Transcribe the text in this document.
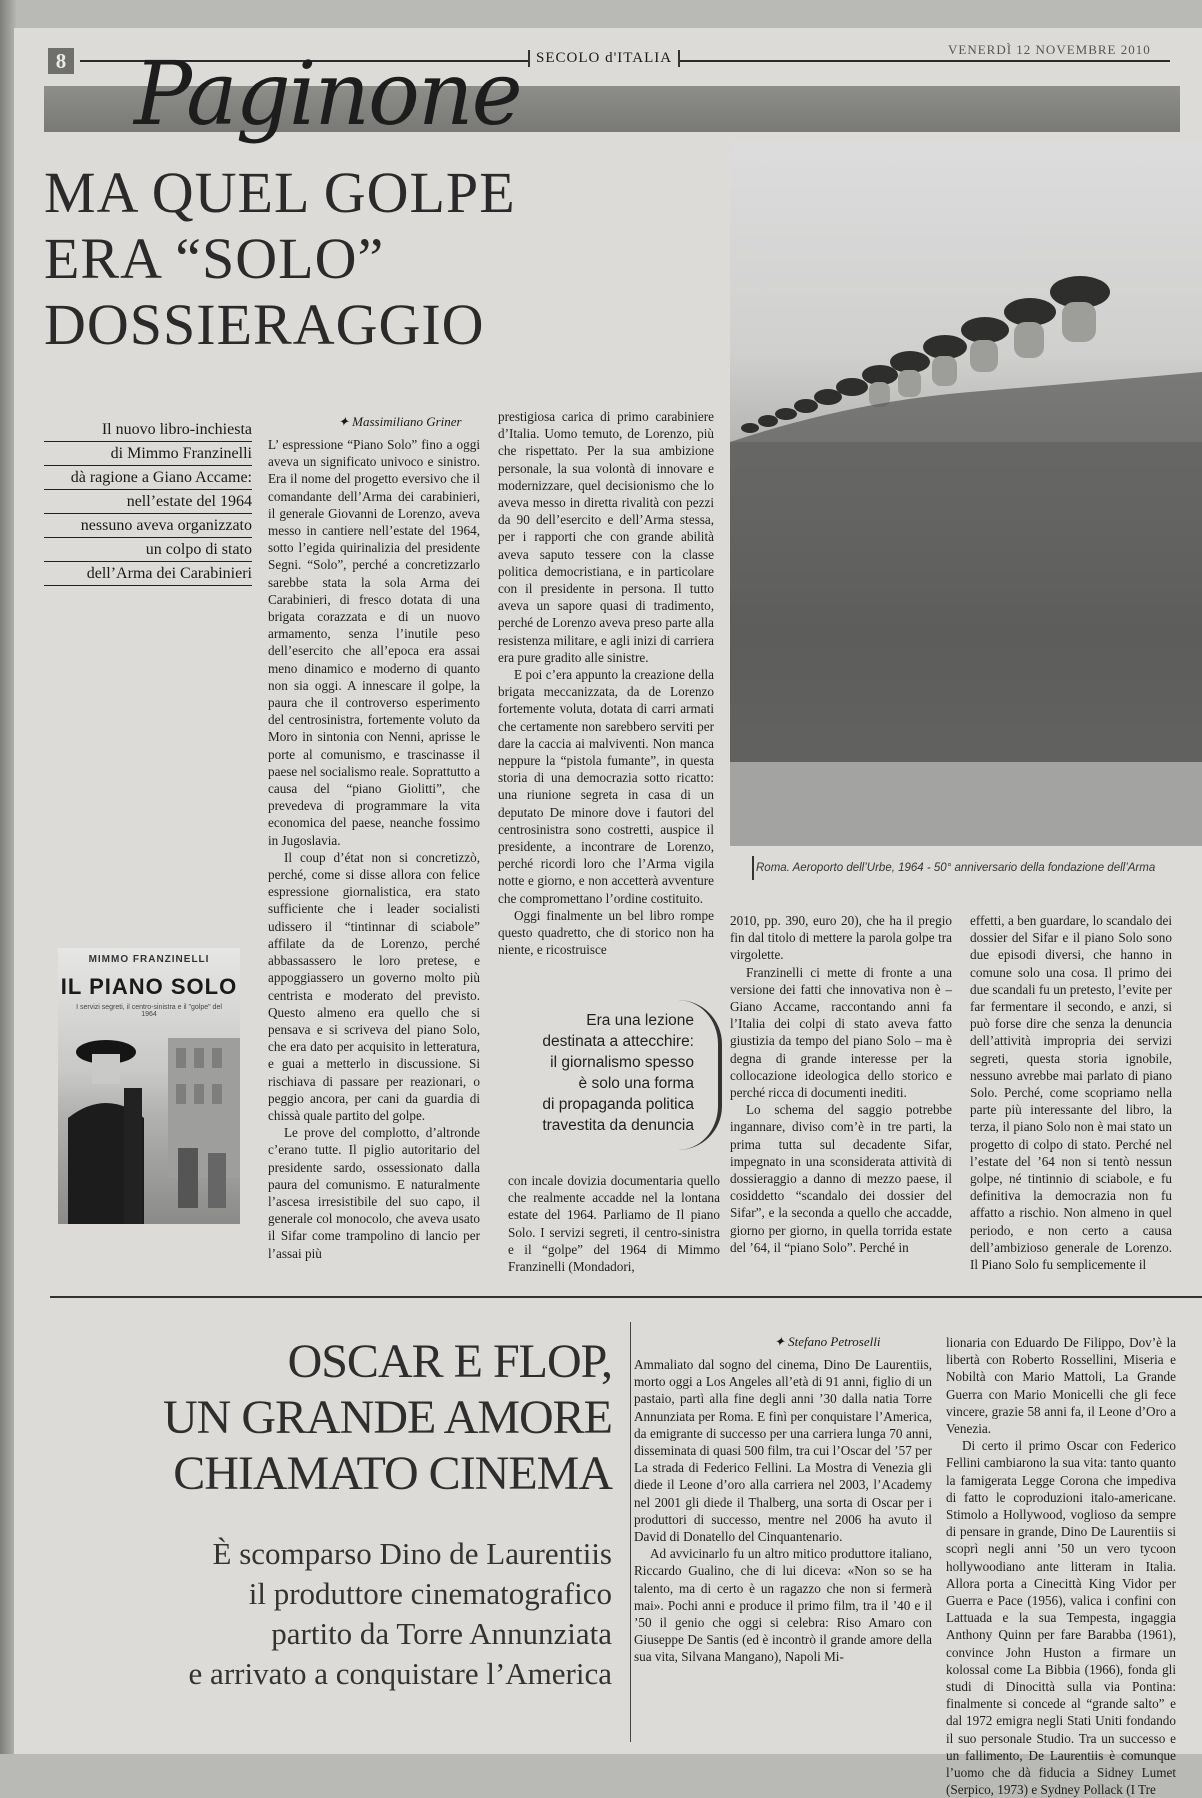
8	SECOLO d'ITALIA
VENERDÌ 12 NOVEMBRE 2010
Paginone
MA QUEL GOLPE
ERA “SOLO”
DOSSIERAGGIO
Il nuovo libro-inchiesta
di Mimmo Franzinelli
dà ragione a Giano Accame:
nell’estate del 1964
nessuno aveva organizzato
un colpo di stato
dell’Arma dei Carabinieri
✦ Massimiliano Griner

L’ espressione “Piano Solo” fino a oggi aveva un significato univoco e sinistro. Era il nome del progetto eversivo che il comandante dell’Arma dei carabinieri, il generale Giovanni de Lorenzo, aveva messo in cantiere nell’estate del 1964, sotto l’egida quirinalizia del presidente Segni. “Solo”, perché a concretizzarlo sarebbe stata la sola Arma dei Carabinieri, di fresco dotata di una brigata corazzata e di un nuovo armamento, senza l’inutile peso dell’esercito che all’epoca era assai meno dinamico e moderno di quanto non sia oggi. A innescare il golpe, la paura che il controverso esperimento del centrosinistra, fortemente voluto da Moro in sintonia con Nenni, aprisse le porte al comunismo, e trascinasse il paese nel socialismo reale. Soprattutto a causa del “piano Giolitti”, che prevedeva di programmare la vita economica del paese, neanche fossimo in Jugoslavia.

Il coup d’état non si concretizzò, perché, come si disse allora con felice espressione giornalistica, era stato sufficiente che i leader socialisti udissero il “tintinnar di sciabole” affilate da de Lorenzo, perché abbassassero le loro pretese, e appoggiassero un governo molto più centrista e moderato del previsto. Questo almeno era quello che si pensava e si scriveva del piano Solo, che era dato per acquisito in letteratura, e guai a metterlo in discussione. Si rischiava di passare per reazionari, o peggio ancora, per cani da guardia di chissà quale partito del golpe.

Le prove del complotto, d’altronde c’erano tutte. Il piglio autoritario del presidente sardo, ossessionato dalla paura del comunismo. E naturalmente l’ascesa irresistibile del suo capo, il generale col monocolo, che aveva usato il Sifar come trampolino di lancio per l’assai più

prestigiosa carica di primo carabiniere d’Italia. Uomo temuto, de Lorenzo, più che rispettato. Per la sua ambizione personale, la sua volontà di innovare e modernizzare, quel decisionismo che lo aveva messo in diretta rivalità con pezzi da 90 dell’esercito e dell’Arma stessa, per i rapporti che con grande abilità aveva saputo tessere con la classe politica democristiana, e in particolare con il presidente in persona. Il tutto aveva un sapore quasi di tradimento, perché de Lorenzo aveva preso parte alla resistenza militare, e agli inizi di carriera era pure gradito alle sinistre.

E poi c’era appunto la creazione della brigata meccanizzata, da de Lorenzo fortemente voluta, dotata di carri armati che certamente non sarebbero serviti per dare la caccia ai malviventi. Non manca neppure la “pistola fumante”, in questa storia di una democrazia sotto ricatto: una riunione segreta in casa di un deputato De minore dove i fautori del centrosinistra sono costretti, auspice il presidente, a incontrare de Lorenzo, perché ricordi loro che l’Arma vigila notte e giorno, e non accetterà avventure che compromettano l’ordine costituito.

Oggi finalmente un bel libro rompe questo quadretto, che di storico non ha niente, e ricostruisce

Era una lezione
destinata a attecchire:
il giornalismo spesso
è solo una forma
di propaganda politica
travestita da denuncia

con incale dovizia documentaria quello che realmente accadde nel la lontana estate del 1964. Parliamo de Il piano Solo. I servizi segreti, il centro-sinistra e il “golpe” del 1964 di Mimmo Franzinelli (Mondadori,

2010, pp. 390, euro 20), che ha il pregio fin dal titolo di mettere la parola golpe tra virgolette.

Franzinelli ci mette di fronte a una versione dei fatti che innovativa non è – Giano Accame, raccontando anni fa l’Italia dei colpi di stato aveva fatto giustizia da tempo del piano Solo – ma è degna di grande interesse per la collocazione ideologica dello storico e perché ricca di documenti inediti.

Lo schema del saggio potrebbe ingannare, diviso com’è in tre parti, la prima tutta sul decadente Sifar, impegnato in una sconsiderata attività di dossieraggio a danno di mezzo paese, il cosiddetto “scandalo dei dossier del Sifar”, e la seconda a quello che accadde, giorno per giorno, in quella torrida estate del ’64, il “piano Solo”. Perché in

effetti, a ben guardare, lo scandalo dei dossier del Sifar e il piano Solo sono due episodi diversi, che hanno in comune solo una cosa. Il primo dei due scandali fu un pretesto, l’evite per far fermentare il secondo, e anzi, si può forse dire che senza la denuncia dell’attività impropria dei servizi segreti, questa storia ignobile, nessuno avrebbe mai parlato di piano Solo. Perché, come scopriamo nella parte più interessante del libro, la terza, il piano Solo non è mai stato un progetto di colpo di stato. Perché nel l’estate del ’64 non si tentò nessun golpe, né tintinnio di sciabole, e fu definitiva la democrazia non fu affatto a rischio. Non almeno in quel periodo, e non certo a causa dell’ambizioso generale de Lorenzo. Il Piano Solo fu semplicemente il

Roma. Aeroporto dell’Urbe, 1964 - 50° anniversario della fondazione dell’Arma
MIMMO FRANZINELLI
IL PIANO SOLO
I servizi segreti, il centro-sinistra e il "golpe" del 1964
OSCAR E FLOP,
UN GRANDE AMORE
CHIAMATO CINEMA
È scomparso Dino de Laurentiis
il produttore cinematografico
partito da Torre Annunziata
e arrivato a conquistare l’America
✦ Stefano Petroselli

Ammaliato dal sogno del cinema, Dino De Laurentiis, morto oggi a Los Angeles all’età di 91 anni, figlio di un pastaio, partì alla fine degli anni ’30 dalla natia Torre Annunziata per Roma. E finì per conquistare l’America, da emigrante di successo per una carriera lunga 70 anni, disseminata di quasi 500 film, tra cui l’Oscar del ’57 per La strada di Federico Fellini. La Mostra di Venezia gli diede il Leone d’oro alla carriera nel 2003, l’Academy nel 2001 gli diede il Thalberg, una sorta di Oscar per i produttori di successo, mentre nel 2006 ha avuto il David di Donatello del Cinquantenario.

Ad avvicinarlo fu un altro mitico produttore italiano, Riccardo Gualino, che di lui diceva: «Non so se ha talento, ma di certo è un ragazzo che non si fermerà mai». Pochi anni e produce il primo film, tra il ’40 e il ’50 il genio che oggi si celebra: Riso Amaro con Giuseppe De Santis (ed è incontrò il grande amore della sua vita, Silvana Mangano), Napoli Mi-

lionaria con Eduardo De Filippo, Dov’è la libertà con Roberto Rossellini, Miseria e Nobiltà con Mario Mattoli, La Grande Guerra con Mario Monicelli che gli fece vincere, grazie 58 anni fa, il Leone d’Oro a Venezia.

Di certo il primo Oscar con Federico Fellini cambiarono la sua vita: tanto quanto la famigerata Legge Corona che impediva di fatto le coproduzioni italo-americane. Stimolo a Hollywood, voglioso da sempre di pensare in grande, Dino De Laurentiis si scoprì negli anni ’50 un vero tycoon hollywoodiano ante litteram in Italia. Allora porta a Cinecittà King Vidor per Guerra e Pace (1956), valica i confini con Lattuada e la sua Tempesta, ingaggia Anthony Quinn per fare Barabba (1961), convince John Huston a firmare un kolossal come La Bibbia (1966), fonda gli studi di Dinocittà sulla via Pontina: finalmente si concede al “grande salto” e dal 1972 emigra negli Stati Uniti fondando il suo personale Studio. Tra un successo e un fallimento, De Laurentiis è comunque l’uomo che dà fiducia a Sidney Lumet (Serpico, 1973) e Sydney Pollack (I Tre
